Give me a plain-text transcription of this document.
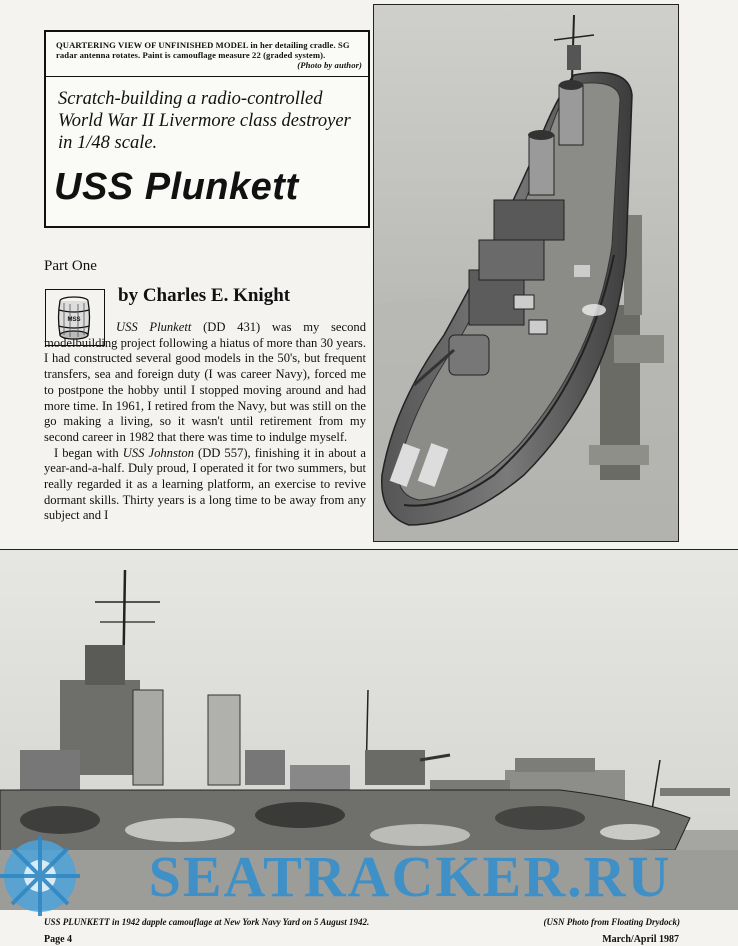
QUARTERING VIEW OF UNFINISHED MODEL in her detailing cradle. SG radar antenna rotates. Paint is camouflage measure 22 (graded system).
(Photo by author)
Scratch-building a radio-controlled World War II Livermore class destroyer in 1/48 scale.
USS Plunkett
Part One
MSS
by Charles E. Knight

USS Plunkett (DD 431) was my second modelbuilding project following a hiatus of more than 30 years. I had constructed several good models in the 50's, but frequent transfers, sea and foreign duty (I was career Navy), forced me to postpone the hobby until I stopped moving around and had more time. In 1961, I retired from the Navy, but was still on the go making a living, so it wasn't until retirement from my second career in 1982 that there was time to indulge myself.

I began with USS Johnston (DD 557), finishing it in about a year-and-a-half. Duly proud, I operated it for two summers, but really regarded it as a learning platform, an exercise to revive dormant skills. Thirty years is a long time to be away from any subject and I

SEATRACKER.RU
USS PLUNKETT in 1942 dapple camouflage at New York Navy Yard on 5 August 1942.	(USN Photo from Floating Drydock)
Page 4	March/April 1987
